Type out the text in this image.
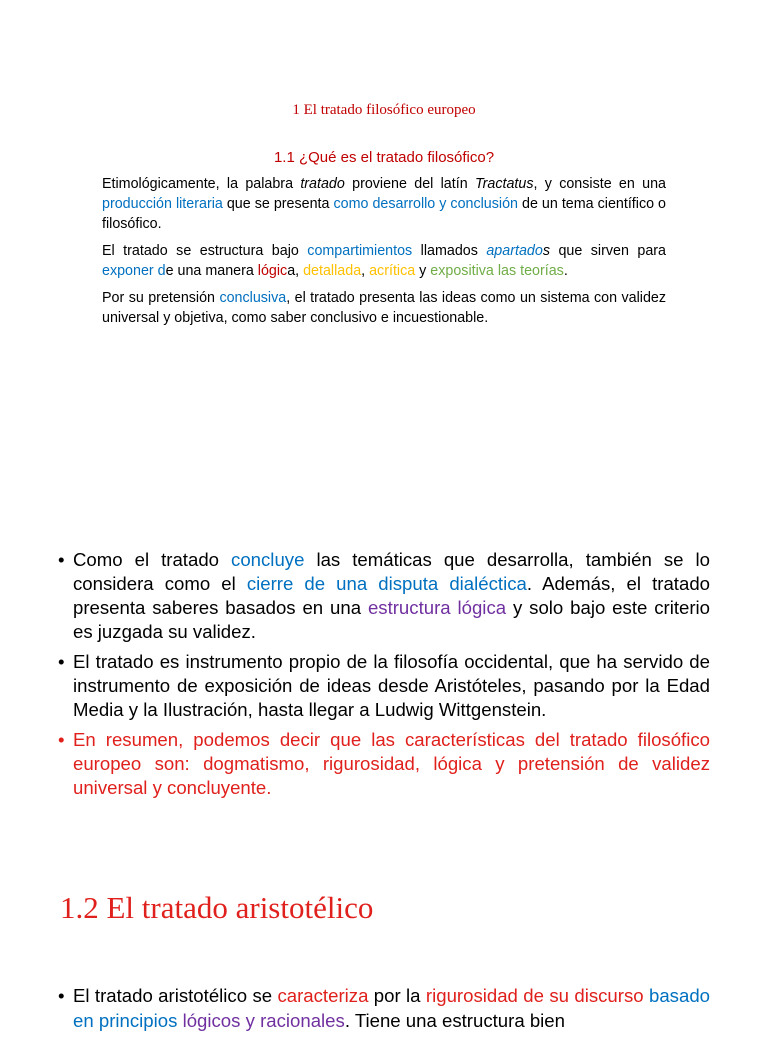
1 El tratado filosófico europeo
1.1 ¿Qué es el tratado filosófico?

Etimológicamente, la palabra tratado proviene del latín Tractatus, y consiste en una producción literaria que se presenta como desarrollo y conclusión de un tema científico o filosófico.

El tratado se estructura bajo compartimientos llamados apartados que sirven para exponer de una manera lógica, detallada, acrítica y expositiva las teorías.

Por su pretensión conclusiva, el tratado presenta las ideas como un sistema con validez universal y objetiva, como saber conclusivo e incuestionable.

• Como el tratado concluye las temáticas que desarrolla, también se lo considera como el cierre de una disputa dialéctica. Además, el tratado presenta saberes basados en una estructura lógica y solo bajo este criterio es juzgada su validez.
• El tratado es instrumento propio de la filosofía occidental, que ha servido de instrumento de exposición de ideas desde Aristóteles, pasando por la Edad Media y la Ilustración, hasta llegar a Ludwig Wittgenstein.
• En resumen, podemos decir que las características del tratado filosófico europeo son: dogmatismo, rigurosidad, lógica y pretensión de validez universal y concluyente.
1.2 El tratado aristotélico
• El tratado aristotélico se caracteriza por la rigurosidad de su discurso basado en principios lógicos y racionales. Tiene una estructura bien
